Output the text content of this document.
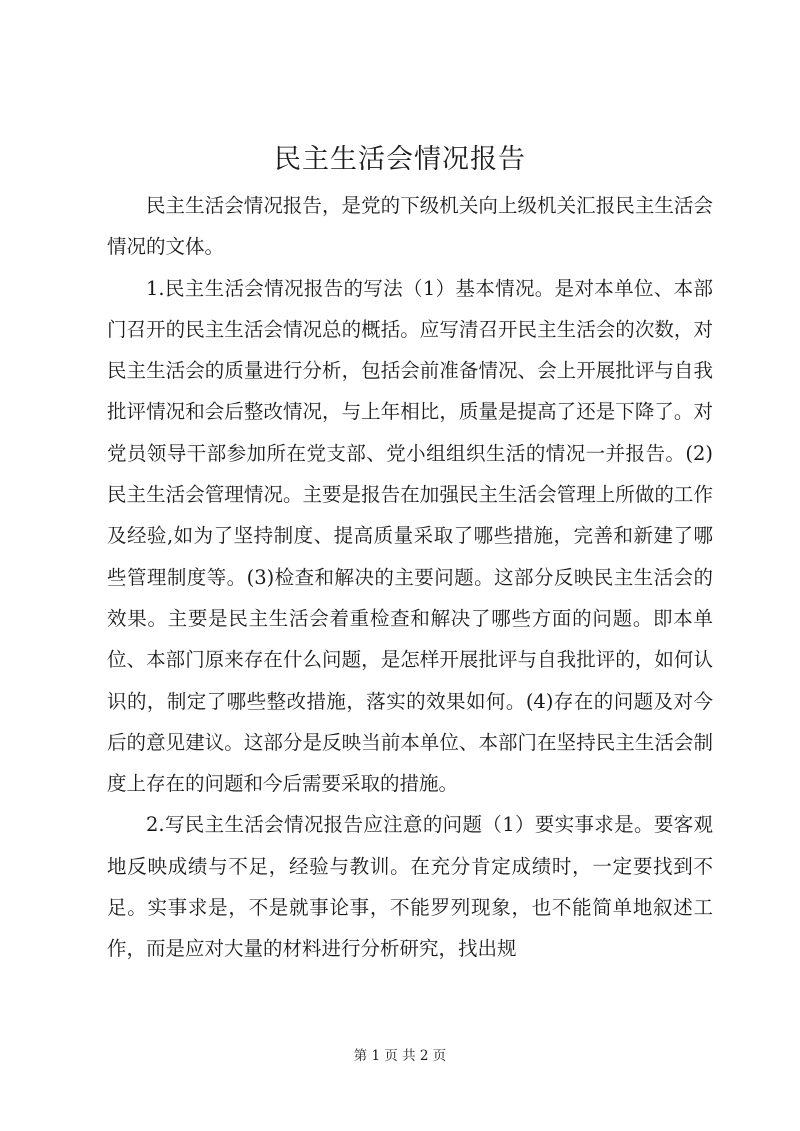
民主生活会情况报告

民主生活会情况报告，是党的下级机关向上级机关汇报民主生活会情况的文体。

1.民主生活会情况报告的写法（1）基本情况。是对本单位、本部门召开的民主生活会情况总的概括。应写清召开民主生活会的次数，对民主生活会的质量进行分析，包括会前准备情况、会上开展批评与自我批评情况和会后整改情况，与上年相比，质量是提高了还是下降了。对党员领导干部参加所在党支部、党小组组织生活的情况一并报告。(2)民主生活会管理情况。主要是报告在加强民主生活会管理上所做的工作及经验,如为了坚持制度、提高质量采取了哪些措施，完善和新建了哪些管理制度等。(3)检查和解决的主要问题。这部分反映民主生活会的效果。主要是民主生活会着重检查和解决了哪些方面的问题。即本单位、本部门原来存在什么问题，是怎样开展批评与自我批评的，如何认识的，制定了哪些整改措施，落实的效果如何。(4)存在的问题及对今后的意见建议。这部分是反映当前本单位、本部门在坚持民主生活会制度上存在的问题和今后需要采取的措施。

2.写民主生活会情况报告应注意的问题（1）要实事求是。要客观地反映成绩与不足，经验与教训。在充分肯定成绩时，一定要找到不足。实事求是，不是就事论事，不能罗列现象，也不能简单地叙述工作，而是应对大量的材料进行分析研究，找出规

第 1 页 共 2 页
